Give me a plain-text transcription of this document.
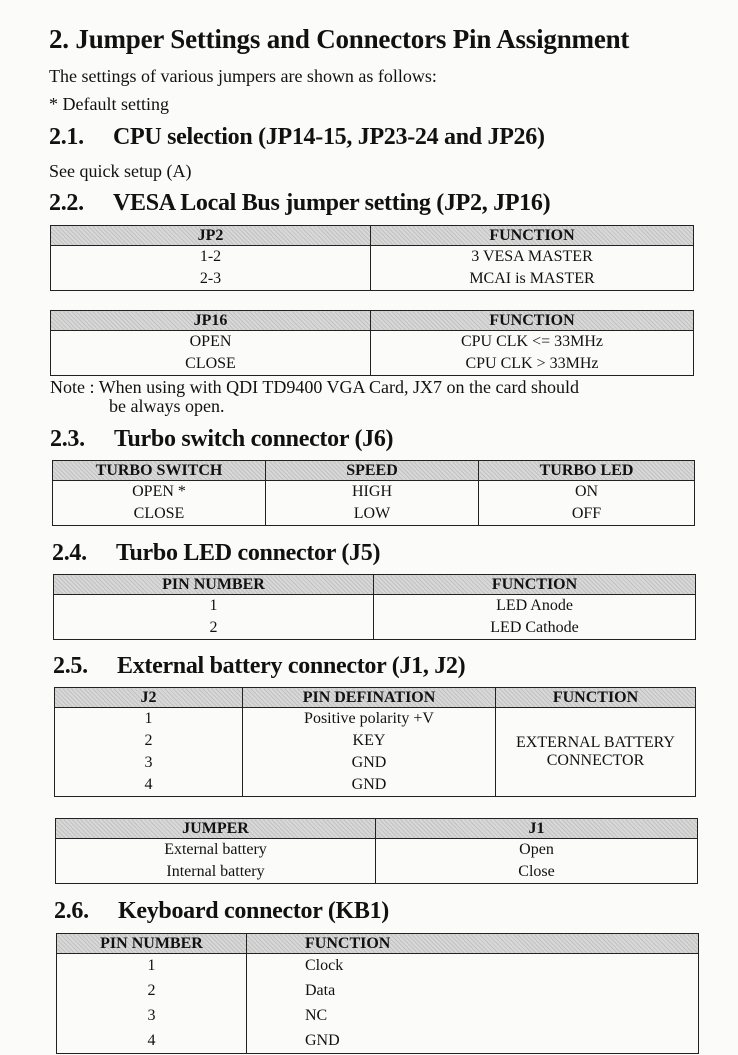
2. Jumper Settings and Connectors Pin Assignment
The settings of various jumpers are shown as follows:
* Default setting
2.1. CPU selection (JP14-15, JP23-24 and JP26)
See quick setup (A)
2.2. VESA Local Bus jumper setting (JP2, JP16)
JP2	FUNCTION
1-2	3 VESA MASTER
2-3	MCAI is MASTER
JP16	FUNCTION
OPEN	CPU CLK <= 33MHz
CLOSE	CPU CLK > 33MHz
Note : When using with QDI TD9400 VGA Card, JX7 on the card should
be always open.
2.3. Turbo switch connector (J6)
TURBO SWITCH	SPEED	TURBO LED
OPEN *	HIGH	ON
CLOSE	LOW	OFF
2.4. Turbo LED connector (J5)
PIN NUMBER	FUNCTION
1	LED Anode
2	LED Cathode
2.5. External battery connector (J1, J2)
J2	PIN DEFINATION	FUNCTION
1	Positive polarity +V	EXTERNAL BATTERY CONNECTOR
2	KEY	
3	GND	
4	GND	
JUMPER	J1
External battery	Open
Internal battery	Close
2.6. Keyboard connector (KB1)
PIN NUMBER	FUNCTION
1	Clock
2	Data
3	NC
4	GND
